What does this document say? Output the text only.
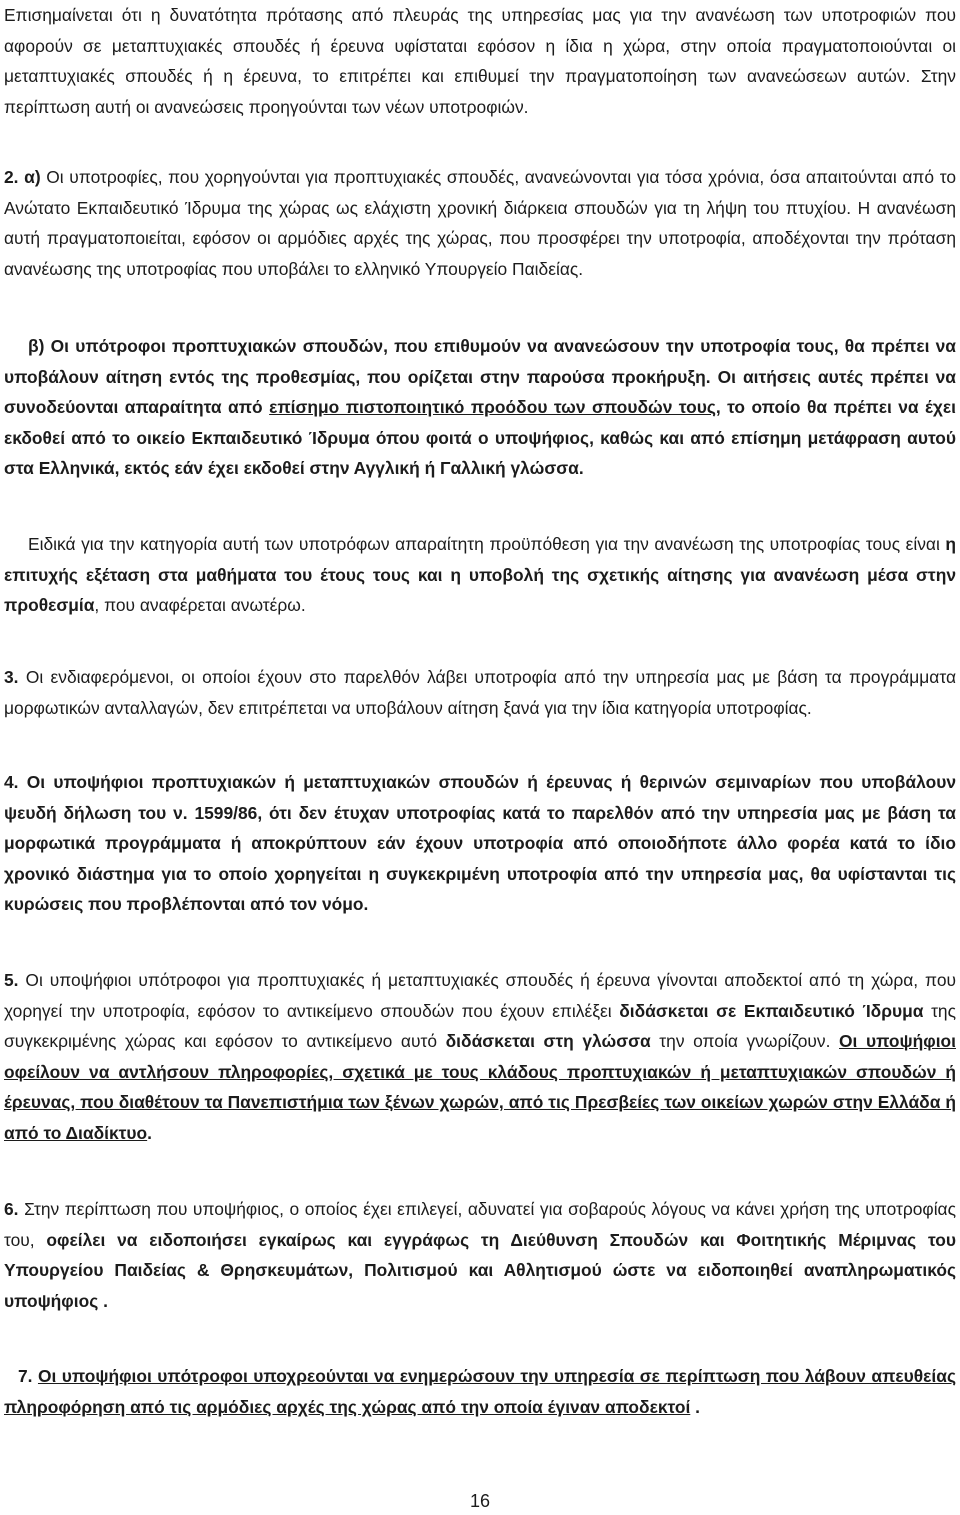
Επισημαίνεται ότι η δυνατότητα πρότασης από πλευράς της υπηρεσίας μας για την ανανέωση των υποτροφιών που αφορούν σε μεταπτυχιακές σπουδές ή έρευνα υφίσταται εφόσον η ίδια η χώρα, στην οποία πραγματοποιούνται οι μεταπτυχιακές σπουδές ή η έρευνα, το επιτρέπει και επιθυμεί την πραγματοποίηση των ανανεώσεων αυτών. Στην περίπτωση αυτή οι ανανεώσεις προηγούνται των νέων υποτροφιών.

2. α) Οι υποτροφίες, που χορηγούνται για προπτυχιακές σπουδές, ανανεώνονται για τόσα χρόνια, όσα απαιτούνται από το Ανώτατο Εκπαιδευτικό Ίδρυμα της χώρας ως ελάχιστη χρονική διάρκεια σπουδών για τη λήψη του πτυχίου. Η ανανέωση αυτή πραγματοποιείται, εφόσον οι αρμόδιες αρχές της χώρας, που προσφέρει την υποτροφία, αποδέχονται την πρόταση ανανέωσης της υποτροφίας που υποβάλει το ελληνικό Υπουργείο Παιδείας.

β) Οι υπότροφοι προπτυχιακών σπουδών, που επιθυμούν να ανανεώσουν την υποτροφία τους, θα πρέπει να υποβάλουν αίτηση εντός της προθεσμίας, που ορίζεται στην παρούσα προκήρυξη. Οι αιτήσεις αυτές πρέπει να συνοδεύονται απαραίτητα από επίσημο πιστοποιητικό προόδου των σπουδών τους, το οποίο θα πρέπει να έχει εκδοθεί από το οικείο Εκπαιδευτικό Ίδρυμα όπου φοιτά ο υποψήφιος, καθώς και από επίσημη μετάφραση αυτού στα Ελληνικά, εκτός εάν έχει εκδοθεί στην Αγγλική ή Γαλλική γλώσσα.

Ειδικά για την κατηγορία αυτή των υποτρόφων απαραίτητη προϋπόθεση για την ανανέωση της υποτροφίας τους είναι η επιτυχής εξέταση στα μαθήματα του έτους τους και η υποβολή της σχετικής αίτησης για ανανέωση μέσα στην προθεσμία, που αναφέρεται ανωτέρω.

3. Οι ενδιαφερόμενοι, οι οποίοι έχουν στο παρελθόν λάβει υποτροφία από την υπηρεσία μας με βάση τα προγράμματα μορφωτικών ανταλλαγών, δεν επιτρέπεται να υποβάλουν αίτηση ξανά για την ίδια κατηγορία υποτροφίας.

4. Οι υποψήφιοι προπτυχιακών ή μεταπτυχιακών σπουδών ή έρευνας ή θερινών σεμιναρίων που υποβάλουν ψευδή δήλωση του ν. 1599/86, ότι δεν έτυχαν υποτροφίας κατά το παρελθόν από την υπηρεσία μας με βάση τα μορφωτικά προγράμματα ή αποκρύπτουν εάν έχουν υποτροφία από οποιοδήποτε άλλο φορέα κατά το ίδιο χρονικό διάστημα για το οποίο χορηγείται η συγκεκριμένη υποτροφία από την υπηρεσία μας, θα υφίστανται τις κυρώσεις που προβλέπονται από τον νόμο.

5. Οι υποψήφιοι υπότροφοι για προπτυχιακές ή μεταπτυχιακές σπουδές ή έρευνα γίνονται αποδεκτοί από τη χώρα, που χορηγεί την υποτροφία, εφόσον το αντικείμενο σπουδών που έχουν επιλέξει διδάσκεται σε Εκπαιδευτικό Ίδρυμα της συγκεκριμένης χώρας και εφόσον το αντικείμενο αυτό διδάσκεται στη γλώσσα την οποία γνωρίζουν. Οι υποψήφιοι οφείλουν να αντλήσουν πληροφορίες, σχετικά με τους κλάδους προπτυχιακών ή μεταπτυχιακών σπουδών ή έρευνας, που διαθέτουν τα Πανεπιστήμια των ξένων χωρών, από τις Πρεσβείες των οικείων χωρών στην Ελλάδα ή από το Διαδίκτυο.

6. Στην περίπτωση που υποψήφιος, ο οποίος έχει επιλεγεί, αδυνατεί για σοβαρούς λόγους να κάνει χρήση της υποτροφίας του, οφείλει να ειδοποιήσει εγκαίρως και εγγράφως τη Διεύθυνση Σπουδών και Φοιτητικής Μέριμνας του Υπουργείου Παιδείας & Θρησκευμάτων, Πολιτισμού και Αθλητισμού ώστε να ειδοποιηθεί αναπληρωματικός υποψήφιος .

7. Οι υποψήφιοι υπότροφοι υποχρεούνται να ενημερώσουν την υπηρεσία σε περίπτωση που λάβουν απευθείας πληροφόρηση από τις αρμόδιες αρχές της χώρας από την οποία έγιναν αποδεκτοί .

16
